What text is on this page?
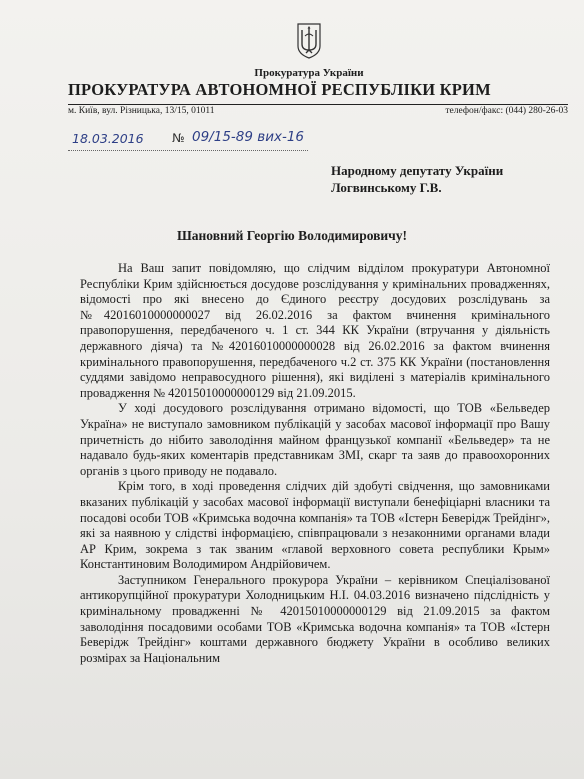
Прокуратура України
ПРОКУРАТУРА АВТОНОМНОЇ РЕСПУБЛІКИ КРИМ
м. Київ, вул. Різницька, 13/15, 01011	телефон/факс: (044) 280-26-03
18.03.2016 № 09/15-89 вих-16
Народному депутату України
Логвинському Г.В.
Шановний Георгію Володимировичу!

На Ваш запит повідомляю, що слідчим відділом прокуратури Автономної Республіки Крим здійснюється досудове розслідування у кримінальних провадженнях, відомості про які внесено до Єдиного реєстру досудових розслідувань за №42016010000000027 від 26.02.2016 за фактом вчинення кримінального правопорушення, передбаченого ч. 1 ст. 344 КК України (втручання у діяльність державного діяча) та №42016010000000028 від 26.02.2016 за фактом вчинення кримінального правопорушення, передбаченого ч.2 ст. 375 КК України (постановлення суддями завідомо неправосудного рішення), які виділені з матеріалів кримінального провадження № 42015010000000129 від 21.09.2015.

У ході досудового розслідування отримано відомості, що ТОВ «Бельведер Україна» не виступало замовником публікацій у засобах масової інформації про Вашу причетність до нібито заволодіння майном французької компанії «Бельведер» та не надавало будь-яких коментарів представникам ЗМІ, скарг та заяв до правоохоронних органів з цього приводу не подавало.

Крім того, в ході проведення слідчих дій здобуті свідчення, що замовниками вказаних публікацій у засобах масової інформації виступали бенефіціарні власники та посадові особи ТОВ «Кримська водочна компанія» та ТОВ «Істерн Беверідж Трейдінг», які за наявною у слідстві інформацією, співпрацювали з незаконними органами влади АР Крим, зокрема з так званим «главой верховного совета республики Крым» Константиновим Володимиром Андрійовичем.

Заступником Генерального прокурора України – керівником Спеціалізованої антикорупційної прокуратури Холодницьким Н.І. 04.03.2016 визначено підслідність у кримінальному провадженні № 42015010000000129 від 21.09.2015 за фактом заволодіння посадовими особами ТОВ «Кримська водочна компанія» та ТОВ «Істерн Беверідж Трейдінг» коштами державного бюджету України в особливо великих розмірах за Національним
